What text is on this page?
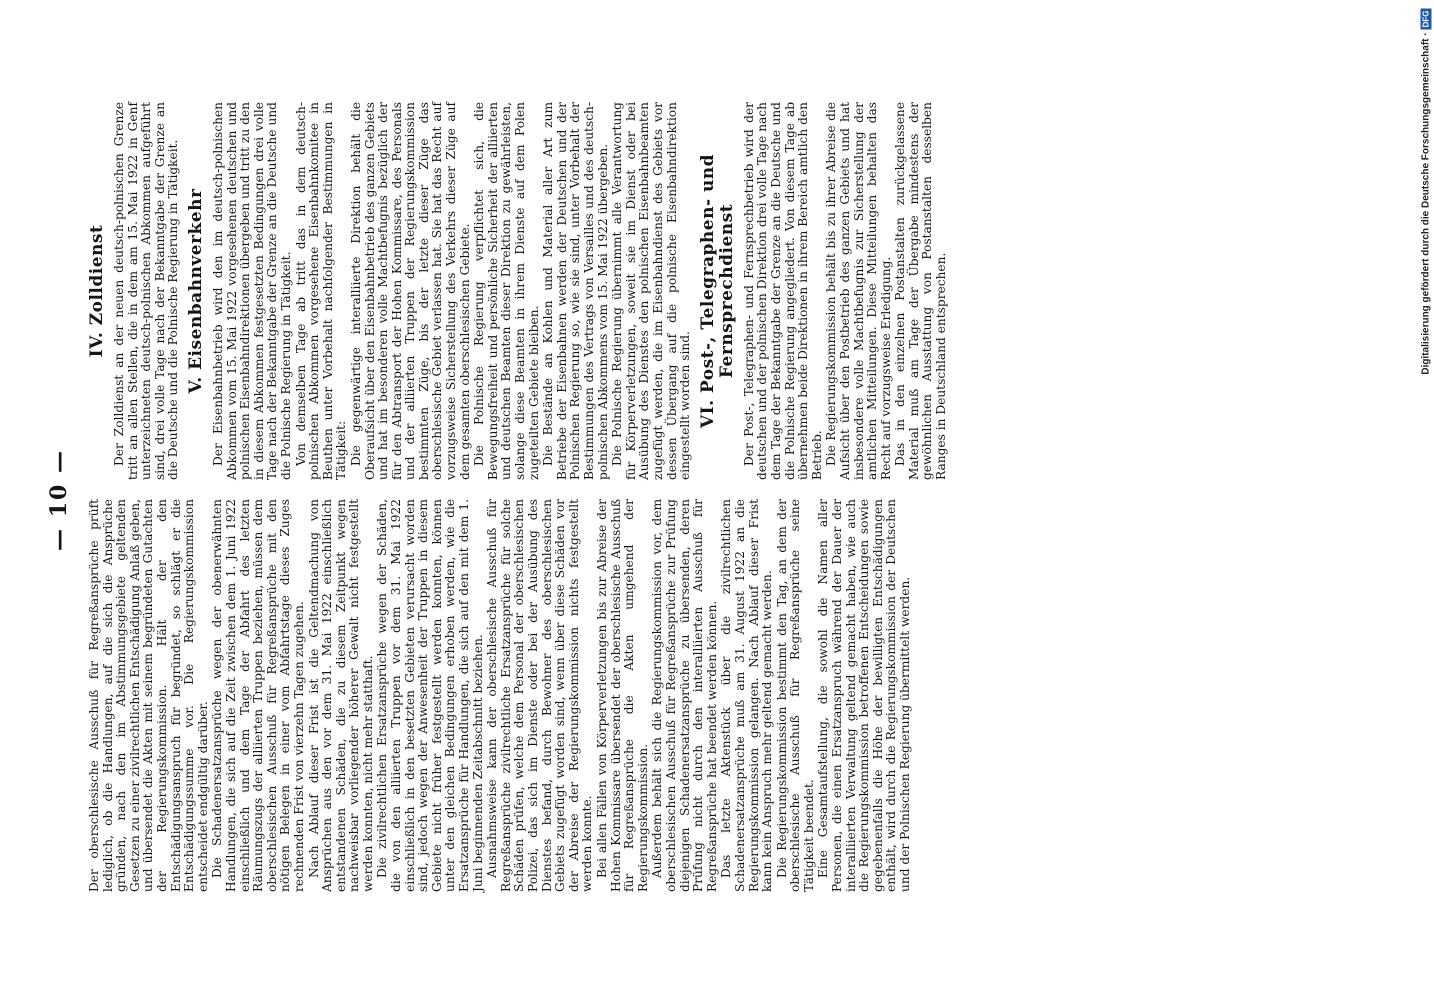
— 10 — Der oberschlesische Ausschuß für Regreßansprüche prüft lediglich, ob die Handlungen, auf die sich die Ansprüche gründen, nach den im Abstimmungsgebiete geltenden Gesetzen zu einer zivilrechtlichen Entschädigung Anlaß geben, und übersendet die Akten mit seinem begründeten Gutachten der Regierungskommission. Hält der den Entschädigungsanspruch für begründet, so schlägt er die Entschädigungssumme vor. Die Regierungskommission entscheidet endgültig darüber. Die Schadenersatzansprüche wegen der obenerwähnten Handlungen, die sich auf die Zeit zwischen dem 1. Juni 1922 einschließlich und dem Tage der Abfahrt des letzten Räumungszugs der alliierten Truppen beziehen, müssen dem oberschlesischen Ausschuß für Regreßansprüche mit den nötigen Belegen in einer vom Abfahrtstage dieses Zuges rechnenden Frist von vierzehn Tagen zugehen. Nach Ablauf dieser Frist ist die Geltendmachung von Ansprüchen aus den vor dem 31. Mai 1922 einschließlich entstandenen Schäden, die zu diesem Zeitpunkt wegen nachweisbar vorliegender höherer Gewalt nicht festgestellt werden konnten, nicht mehr statthaft. Die zivilrechtlichen Ersatzansprüche wegen der Schäden, die von den alliierten Truppen vor dem 31. Mai 1922 einschließlich in den besetzten Gebieten verursacht worden sind, jedoch wegen der Anwesenheit der Truppen in diesem Gebiete nicht früher festgestellt werden konnten, können unter den gleichen Bedingungen erhoben werden, wie die Ersatzansprüche für Handlungen, die sich auf den mit dem 1. Juni beginnenden Zeitabschnitt beziehen. Ausnahmsweise kann der oberschlesische Ausschuß für Regreßansprüche zivilrechtliche Ersatzansprüche für solche Schäden prüfen, welche dem Personal der oberschlesischen Polizei, das sich im Dienste oder bei der Ausübung des Dienstes befand, durch Bewohner des oberschlesischen Gebiets zugefügt worden sind, wenn über diese Schäden vor der Abreise der Regierungskommission nichts festgestellt werden konnte. Bei allen Fällen von Körperverletzungen bis zur Abreise der Hohen Kommissare übersendet der oberschlesische Ausschuß für Regreßansprüche die Akten umgehend der Regierungskommission. Außerdem behält sich die Regierungskommission vor, dem oberschlesischen Ausschuß für Regreßansprüche zur Prüfung diejenigen Schadenersatzansprüche zu übersenden, deren Prüfung nicht durch den interalliierten Ausschuß für Regreßansprüche hat beendet werden können. Das letzte Aktenstück über die zivilrechtlichen Schadenersatzansprüche muß am 31. August 1922 an die Regierungskommission gelangen. Nach Ablauf dieser Frist kann kein Anspruch mehr geltend gemacht werden. Die Regierungskommission bestimmt den Tag, an dem der oberschlesische Ausschuß für Regreßansprüche seine Tätigkeit beendet. Eine Gesamtaufstellung, die sowohl die Namen aller Personen, die einen Ersatzanspruch während der Dauer der interalliierten Verwaltung geltend gemacht haben, wie auch die Regierungskommission betroffenen Entscheidungen sowie gegebenenfalls die Höhe der bewilligten Entschädigungen enthält, wird durch die Regierungskommission der Deutschen und der Polnischen Regierung übermittelt werden.

IV. Zolldienst Der Zolldienst an der neuen deutsch-polnischen Grenze tritt an allen Stellen, die in dem am 15. Mai 1922 in Genf unterzeichneten deutsch-polnischen Abkommen aufgeführt sind, drei volle Tage nach der Bekanntgabe der Grenze an die Deutsche und die Polnische Regierung in Tätigkeit. V. Eisenbahnverkehr Der Eisenbahnbetrieb wird den im deutsch-polnischen Abkommen vom 15. Mai 1922 vorgesehenen deutschen und polnischen Eisenbahndirektionen übergeben und tritt zu den in diesem Abkommen festgesetzten Bedingungen drei volle Tage nach der Bekanntgabe der Grenze an die Deutsche und die Polnische Regierung in Tätigkeit. Von demselben Tage ab tritt das in dem deutsch-polnischen Abkommen vorgesehene Eisenbahnkomitee in Beuthen unter Vorbehalt nachfolgender Bestimmungen in Tätigkeit: Die gegenwärtige interalliierte Direktion behält die Oberaufsicht über den Eisenbahnbetrieb des ganzen Gebiets und hat im besonderen volle Machtbefugnis bezüglich der für den Abtransport der Hohen Kommissare, des Personals und der alliierten Truppen der Regierungskommission bestimmten Züge, bis der letzte dieser Züge das oberschlesische Gebiet verlassen hat. Sie hat das Recht auf vorzugsweise Sicherstellung des Verkehrs dieser Züge auf dem gesamten oberschlesischen Gebiete. Die Polnische Regierung verpflichtet sich, die Bewegungsfreiheit und persönliche Sicherheit der alliierten und deutschen Beamten dieser Direktion zu gewährleisten, solange diese Beamten in ihrem Dienste auf dem Polen zugeteilten Gebiete bleiben. Die Bestände an Kohlen und Material aller Art zum Betriebe der Eisenbahnen werden der Deutschen und der Polnischen Regierung so, wie sie sind, unter Vorbehalt der Bestimmungen des Vertrags von Versailles und des deutsch-polnischen Abkommens vom 15. Mai 1922 übergeben. Die Polnische Regierung übernimmt alle Verantwortung für Körperverletzungen, soweit sie im Dienst oder bei Ausübung des Dienstes den polnischen Eisenbahnbeamten zugefügt werden, die im Eisenbahndienst des Gebiets vor dessen Übergang auf die polnische Eisenbahndirektion eingestellt worden sind. VI. Post-, Telegraphen- und Fernsprechdienst Der Post-, Telegraphen- und Fernsprechbetrieb wird der deutschen und der polnischen Direktion drei volle Tage nach dem Tage der Bekanntgabe der Grenze an die Deutsche und die Polnische Regierung angegliedert. Von diesem Tage ab übernehmen beide Direktionen in ihrem Bereich amtlich den Betrieb. Die Regierungskommission behält bis zu ihrer Abreise die Aufsicht über den Postbetrieb des ganzen Gebiets und hat insbesondere volle Machtbefugnis zur Sicherstellung der amtlichen Mitteilungen. Diese Mitteilungen behalten das Recht auf vorzugsweise Erledigung. Das in den einzelnen Postanstalten zurückgelassene Material muß am Tage der Übergabe mindestens der gewöhnlichen Ausstattung von Postanstalten desselben Ranges in Deutschland entsprechen.	Digitalisierung gefördert durch die Deutsche Forschungsgemeinschaft ·
DFG
